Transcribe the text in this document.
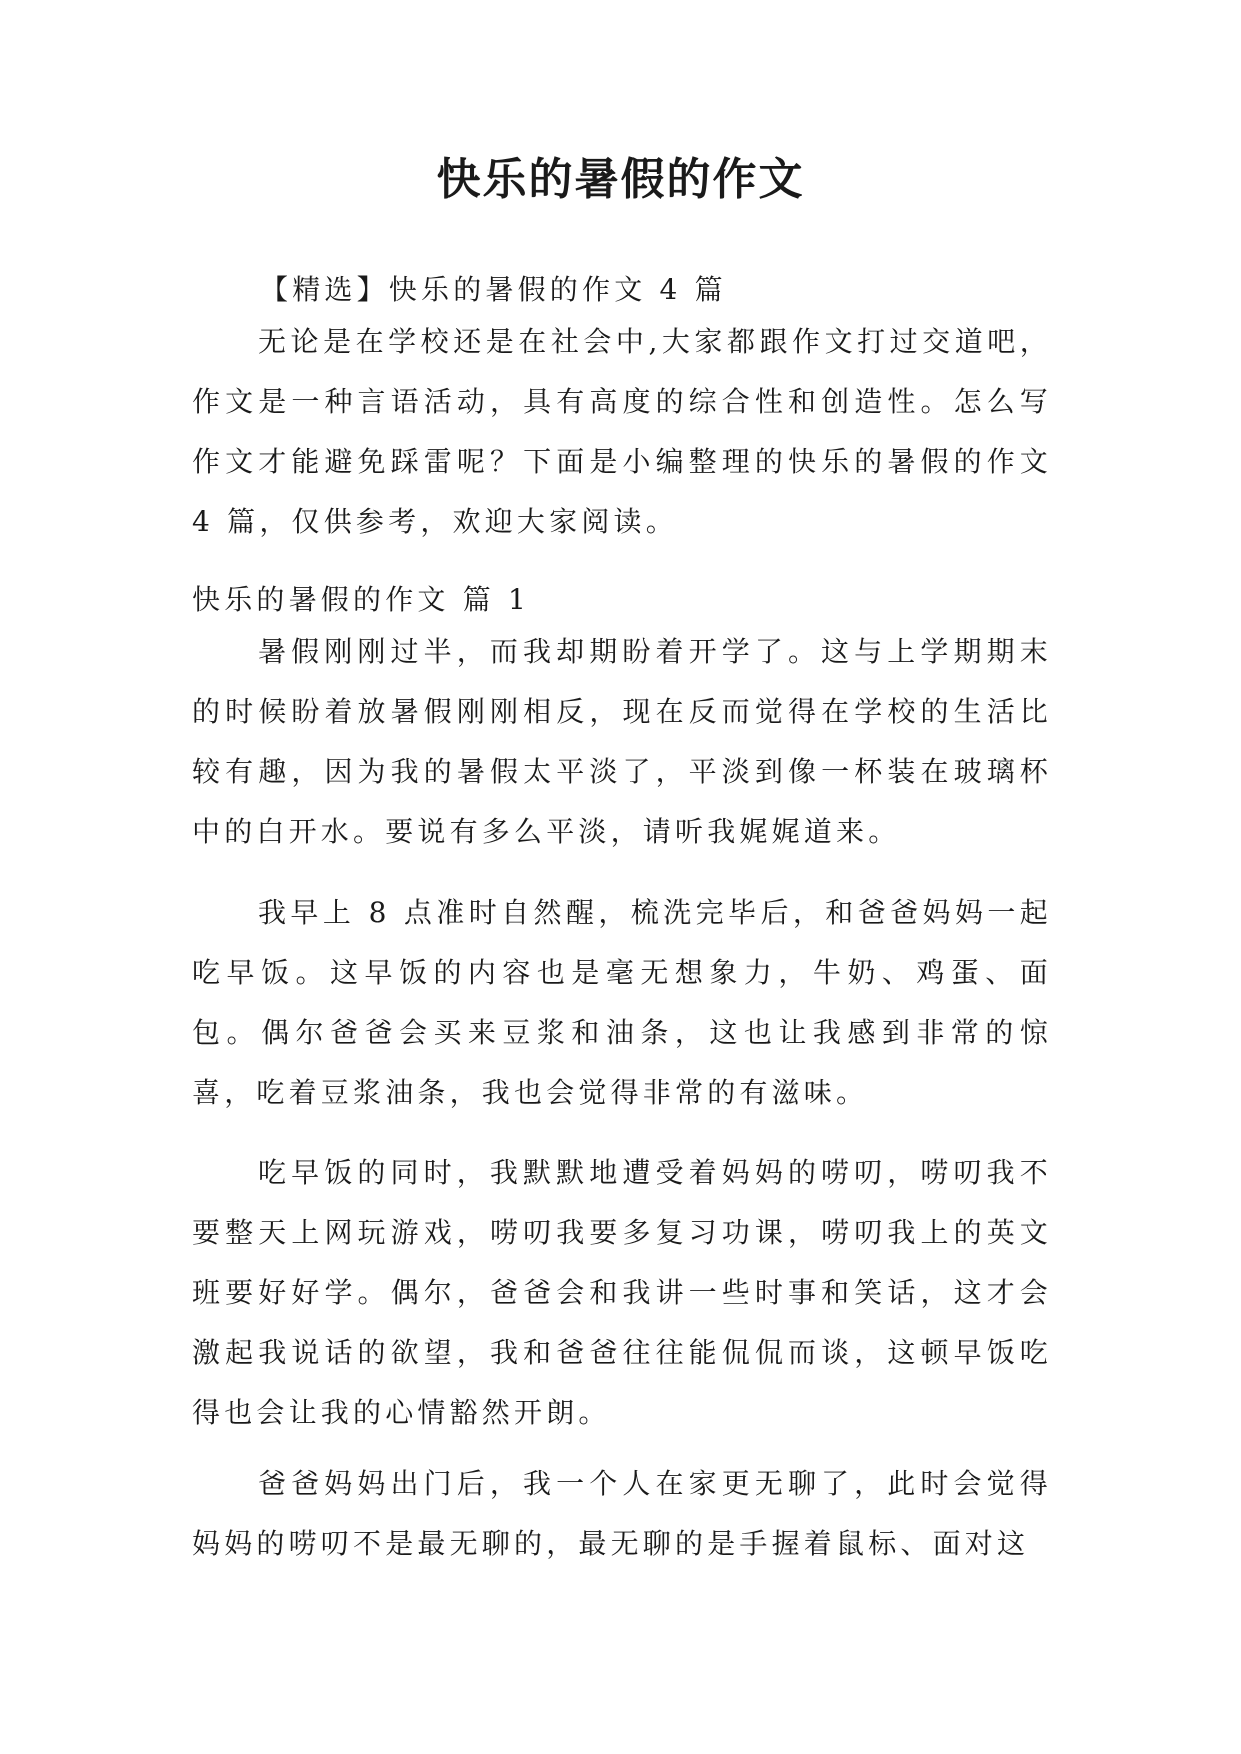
快乐的暑假的作文

【精选】快乐的暑假的作文 4 篇

无论是在学校还是在社会中,大家都跟作文打过交道吧，作文是一种言语活动，具有高度的综合性和创造性。怎么写作文才能避免踩雷呢？下面是小编整理的快乐的暑假的作文 4 篇，仅供参考，欢迎大家阅读。

快乐的暑假的作文 篇 1

暑假刚刚过半，而我却期盼着开学了。这与上学期期末的时候盼着放暑假刚刚相反，现在反而觉得在学校的生活比较有趣，因为我的暑假太平淡了，平淡到像一杯装在玻璃杯中的白开水。要说有多么平淡，请听我娓娓道来。

我早上 8 点准时自然醒，梳洗完毕后，和爸爸妈妈一起吃早饭。这早饭的内容也是毫无想象力，牛奶、鸡蛋、面包。偶尔爸爸会买来豆浆和油条，这也让我感到非常的惊喜，吃着豆浆油条，我也会觉得非常的有滋味。

吃早饭的同时，我默默地遭受着妈妈的唠叨，唠叨我不要整天上网玩游戏，唠叨我要多复习功课，唠叨我上的英文班要好好学。偶尔，爸爸会和我讲一些时事和笑话，这才会激起我说话的欲望，我和爸爸往往能侃侃而谈，这顿早饭吃得也会让我的心情豁然开朗。

爸爸妈妈出门后，我一个人在家更无聊了，此时会觉得妈妈的唠叨不是最无聊的，最无聊的是手握着鼠标、面对这
